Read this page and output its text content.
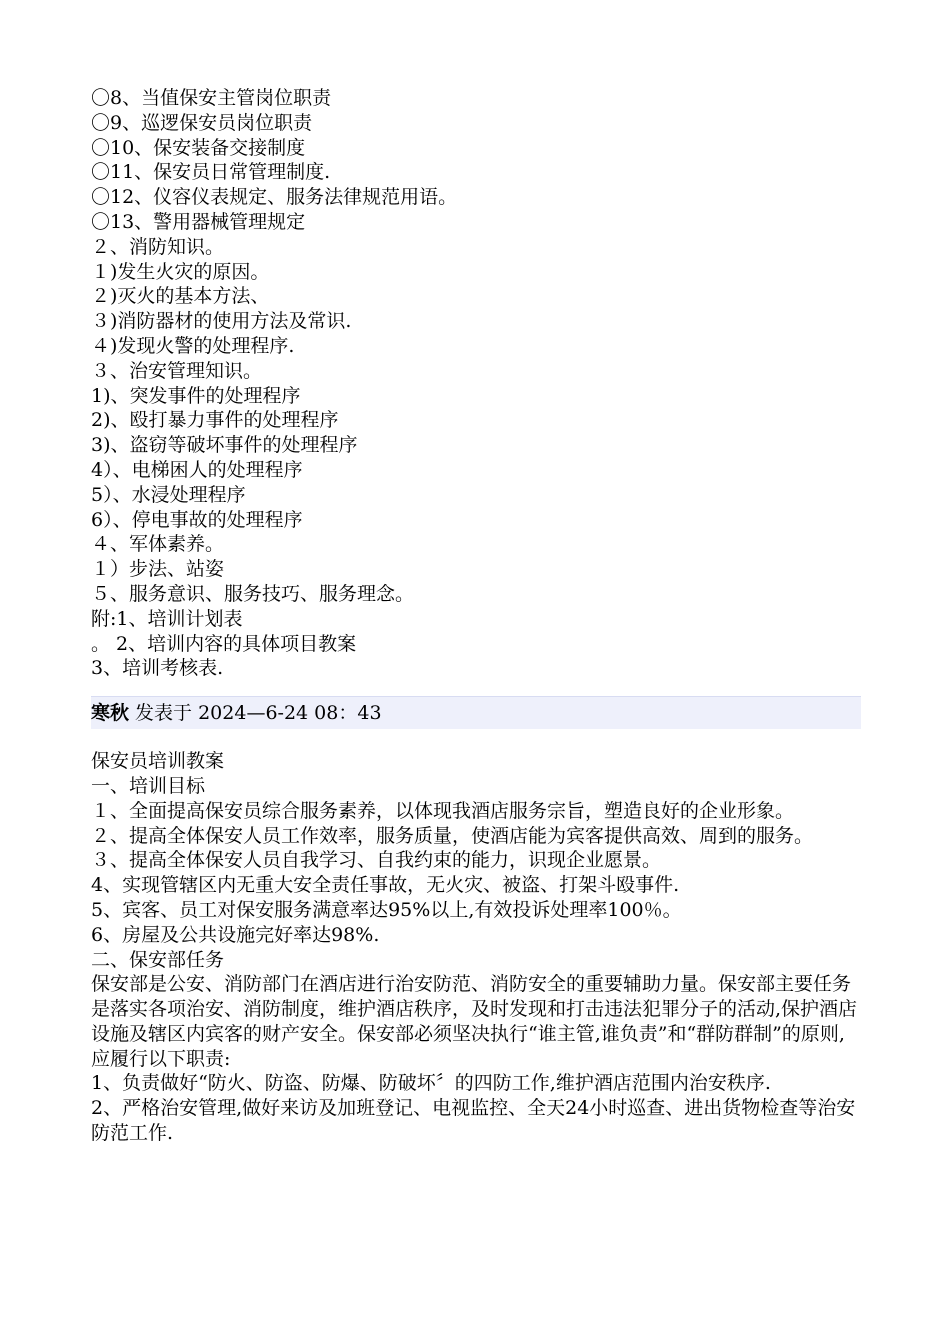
〇8、当值保安主管岗位职责
〇9、巡逻保安员岗位职责
〇10、保安装备交接制度
〇11、保安员日常管理制度.
〇12、仪容仪表规定、服务法律规范用语。
〇13、警用器械管理规定
２、消防知识。
１)发生火灾的原因。
２)灭火的基本方法、
３)消防器材的使用方法及常识.
４)发现火警的处理程序.
３、治安管理知识。
1)、突发事件的处理程序
2)、殴打暴力事件的处理程序
3)、盗窃等破坏事件的处理程序
4）、电梯困人的处理程序
5）、水浸处理程序
6）、停电事故的处理程序
４、军体素养。
１）步法、站姿
５、服务意识、服务技巧、服务理念。
附:1、培训计划表
。 2、培训内容的具体项目教案
3、培训考核表.
寒秋 发表于 2024—6-24 08：43
保安员培训教案
一、培训目标
１、全面提高保安员综合服务素养，以体现我酒店服务宗旨，塑造良好的企业形象。
２、提高全体保安人员工作效率，服务质量，使酒店能为宾客提供高效、周到的服务。
３、提高全体保安人员自我学习、自我约束的能力，识现企业愿景。
4、实现管辖区内无重大安全责任事故，无火灾、被盗、打架斗殴事件.
5、宾客、员工对保安服务满意率达95%以上,有效投诉处理率100％。
6、房屋及公共设施完好率达98%.
二、保安部任务
保安部是公安、消防部门在酒店进行治安防范、消防安全的重要辅助力量。保安部主要任务是落实各项治安、消防制度，维护酒店秩序，及时发现和打击违法犯罪分子的活动,保护酒店设施及辖区内宾客的财产安全。保安部必须坚决执行“谁主管,谁负责”和“群防群制”的原则,应履行以下职责:
1、负责做好“防火、防盗、防爆、防破坏〞的四防工作,维护酒店范围内治安秩序.
2、严格治安管理,做好来访及加班登记、电视监控、全天24小时巡查、进出货物检查等治安防范工作.
